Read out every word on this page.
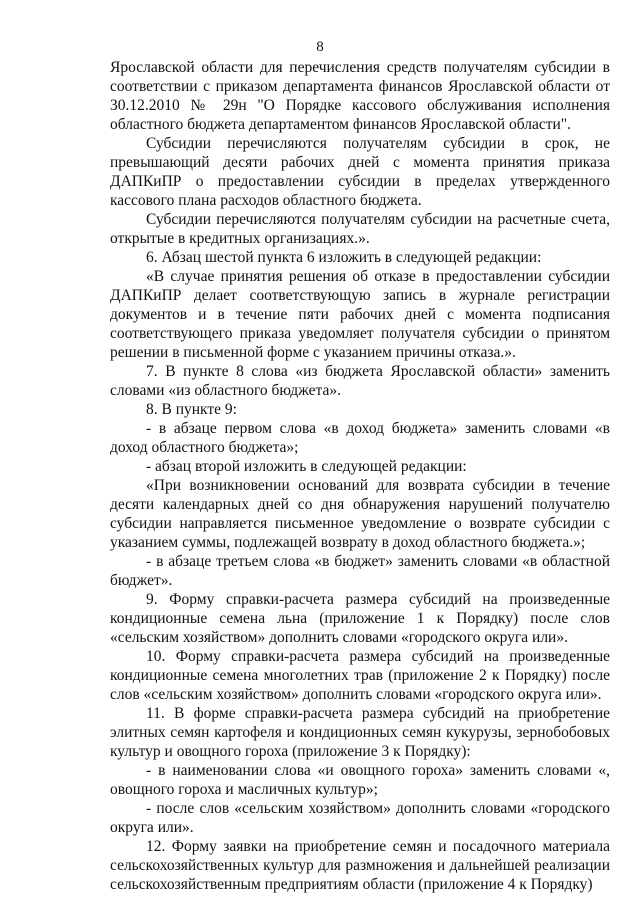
8

Ярославской области для перечисления средств получателям субсидии в соответствии с приказом департамента финансов Ярославской области от 30.12.2010 № 29н "О Порядке кассового обслуживания исполнения областного бюджета департаментом финансов Ярославской области".

Субсидии перечисляются получателям субсидии в срок, не превышающий десяти рабочих дней с момента принятия приказа ДАПКиПР о предоставлении субсидии в пределах утвержденного кассового плана расходов областного бюджета.

Субсидии перечисляются получателям субсидии на расчетные счета, открытые в кредитных организациях.».

6. Абзац шестой пункта 6 изложить в следующей редакции:

«В случае принятия решения об отказе в предоставлении субсидии ДАПКиПР делает соответствующую запись в журнале регистрации документов и в течение пяти рабочих дней с момента подписания соответствующего приказа уведомляет получателя субсидии о принятом решении в письменной форме с указанием причины отказа.».

7. В пункте 8 слова «из бюджета Ярославской области» заменить словами «из областного бюджета».

8. В пункте 9:

- в абзаце первом слова «в доход бюджета» заменить словами «в доход областного бюджета»;

- абзац второй изложить в следующей редакции:

«При возникновении оснований для возврата субсидии в течение десяти календарных дней со дня обнаружения нарушений получателю субсидии направляется письменное уведомление о возврате субсидии с указанием суммы, подлежащей возврату в доход областного бюджета.»;

- в абзаце третьем слова «в бюджет» заменить словами «в областной бюджет».

9. Форму справки-расчета размера субсидий на произведенные кондиционные семена льна (приложение 1 к Порядку) после слов «сельским хозяйством» дополнить словами «городского округа или».

10. Форму справки-расчета размера субсидий на произведенные кондиционные семена многолетних трав (приложение 2 к Порядку) после слов «сельским хозяйством» дополнить словами «городского округа или».

11. В форме справки-расчета размера субсидий на приобретение элитных семян картофеля и кондиционных семян кукурузы, зернобобовых культур и овощного гороха (приложение 3 к Порядку):

- в наименовании слова «и овощного гороха» заменить словами «, овощного гороха и масличных культур»;

- после слов «сельским хозяйством» дополнить словами «городского округа или».

12. Форму заявки на приобретение семян и посадочного материала сельскохозяйственных культур для размножения и дальнейшей реализации сельскохозяйственным предприятиям области (приложение 4 к Порядку)
